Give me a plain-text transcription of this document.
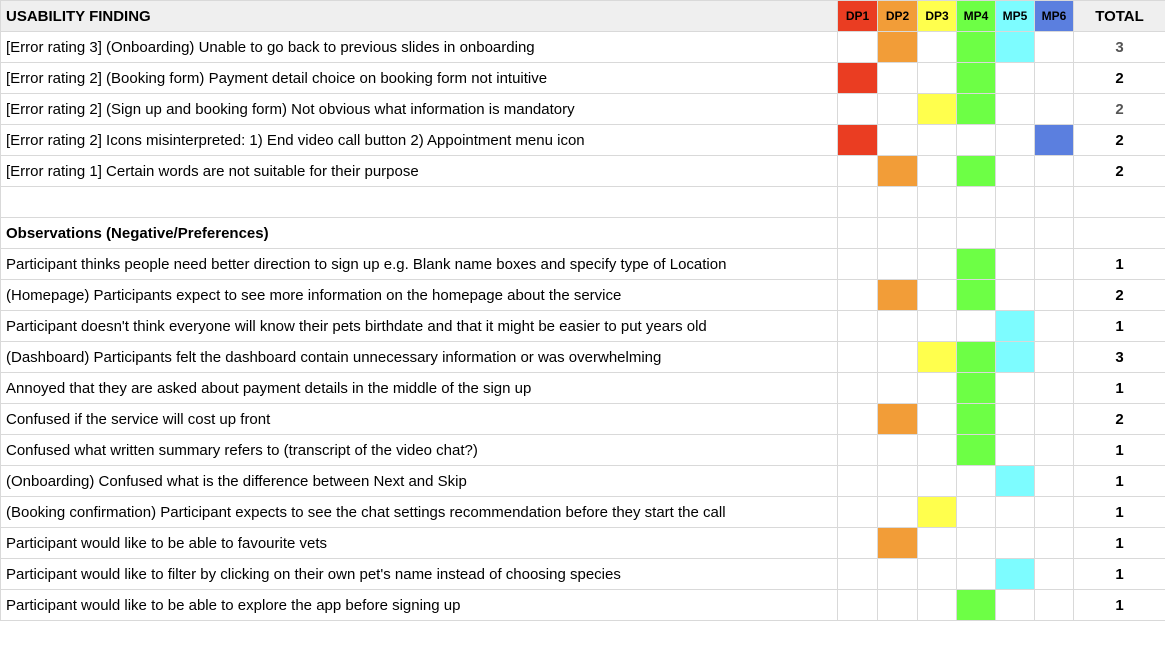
USABILITY FINDING	DP1	DP2	DP3	MP4	MP5	MP6	TOTAL
[Error rating 3] (Onboarding) Unable to go back to previous slides in onboarding							3
[Error rating 2] (Booking form) Payment detail choice on booking form not intuitive							2
[Error rating 2] (Sign up and booking form) Not obvious what information is mandatory							2
[Error rating 2] Icons misinterpreted: 1) End video call button 2) Appointment menu icon							2
[Error rating 1] Certain words are not suitable for their purpose							2

Observations (Negative/Preferences)							
Participant thinks people need better direction to sign up e.g. Blank name boxes and specify type of Location							1
(Homepage) Participants expect to see more information on the homepage about the service							2
Participant doesn't think everyone will know their pets birthdate and that it might be easier to put years old							1
(Dashboard) Participants felt the dashboard contain unnecessary information or was overwhelming							3
Annoyed that they are asked about payment details in the middle of the sign up							1
Confused if the service will cost up front							2
Confused what written summary refers to (transcript of the video chat?)							1
(Onboarding) Confused what is the difference between Next and Skip							1
(Booking confirmation) Participant expects to see the chat settings recommendation before they start the call							1
Participant would like to be able to favourite vets							1
Participant would like to filter by clicking on their own pet's name instead of choosing species							1
Participant would like to be able to explore the app before signing up							1
